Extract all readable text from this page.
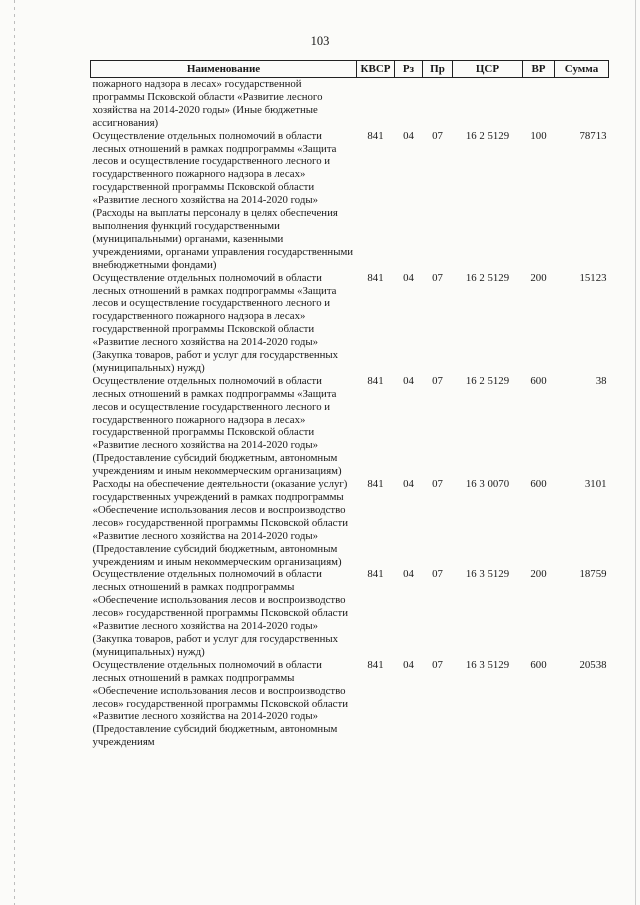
103
Наименование	КВСР	Рз	Пр	ЦСР	ВР	Сумма
пожарного надзора в лесах» государственной программы Псковской области «Развитие лесного хозяйства на 2014-2020 годы» (Иные бюджетные ассигнования)						
Осуществление отдельных полномочий в области лесных отношений в рамках подпрограммы «Защита лесов и осуществление государственного лесного и государственного пожарного надзора в лесах» государственной программы Псковской области «Развитие лесного хозяйства на 2014-2020 годы» (Расходы на выплаты персоналу в целях обеспечения выполнения функций государственными (муниципальными) органами, казенными учреждениями, органами управления государственными внебюджетными фондами)	841	04	07	16 2 5129	100	78713
Осуществление отдельных полномочий в области лесных отношений в рамках подпрограммы «Защита лесов и осуществление государственного лесного и государственного пожарного надзора в лесах» государственной программы Псковской области «Развитие лесного хозяйства на 2014-2020 годы» (Закупка товаров, работ и услуг для государственных (муниципальных) нужд)	841	04	07	16 2 5129	200	15123
Осуществление отдельных полномочий в области лесных отношений в рамках подпрограммы «Защита лесов и осуществление государственного лесного и государственного пожарного надзора в лесах» государственной программы Псковской области «Развитие лесного хозяйства на 2014-2020 годы» (Предоставление субсидий бюджетным, автономным учреждениям и иным некоммерческим организациям)	841	04	07	16 2 5129	600	38
Расходы на обеспечение деятельности (оказание услуг) государственных учреждений в рамках подпрограммы «Обеспечение использования лесов и воспроизводство лесов» государственной программы Псковской области «Развитие лесного хозяйства на 2014-2020 годы» (Предоставление субсидий бюджетным, автономным учреждениям и иным некоммерческим организациям)	841	04	07	16 3 0070	600	3101
Осуществление отдельных полномочий в области лесных отношений в рамках подпрограммы «Обеспечение использования лесов и воспроизводство лесов» государственной программы Псковской области «Развитие лесного хозяйства на 2014-2020 годы» (Закупка товаров, работ и услуг для государственных (муниципальных) нужд)	841	04	07	16 3 5129	200	18759
Осуществление отдельных полномочий в области лесных отношений в рамках подпрограммы «Обеспечение использования лесов и воспроизводство лесов» государственной программы Псковской области «Развитие лесного хозяйства на 2014-2020 годы» (Предоставление субсидий бюджетным, автономным учреждениям	841	04	07	16 3 5129	600	20538
